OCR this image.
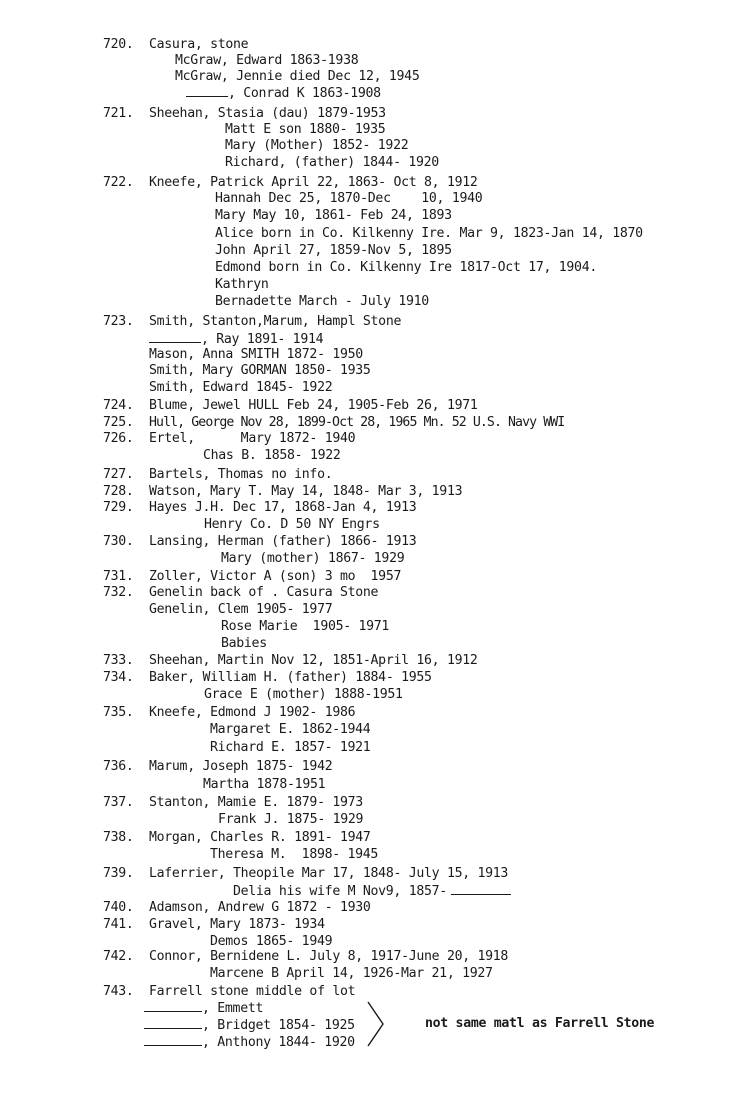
720. Casura, stone
McGraw, Edward 1863-1938
McGraw, Jennie died Dec 12, 1945
, Conrad K 1863-1908
721. Sheehan, Stasia (dau) 1879-1953
Matt E son 1880- 1935
Mary (Mother) 1852- 1922
Richard, (father) 1844- 1920
722. Kneefe, Patrick April 22, 1863- Oct 8, 1912
Hannah Dec 25, 1870-Dec    10, 1940
Mary May 10, 1861- Feb 24, 1893
Alice born in Co. Kilkenny Ire. Mar 9, 1823-Jan 14, 1870
John April 27, 1859-Nov 5, 1895
Edmond born in Co. Kilkenny Ire 1817-Oct 17, 1904.
Kathryn
Bernadette March - July 1910
723. Smith, Stanton,Marum, Hampl Stone
, Ray 1891- 1914
Mason, Anna SMITH 1872- 1950
Smith, Mary GORMAN 1850- 1935
Smith, Edward 1845- 1922
724. Blume, Jewel HULL Feb 24, 1905-Feb 26, 1971
725. Hull, George Nov 28, 1899-Oct 28, 1965 Mn. 52 U.S. Navy WWI
726. Ertel,      Mary 1872- 1940
Chas B. 1858- 1922
727. Bartels, Thomas no info.
728. Watson, Mary T. May 14, 1848- Mar 3, 1913
729. Hayes J.H. Dec 17, 1868-Jan 4, 1913
Henry Co. D 50 NY Engrs
730. Lansing, Herman (father) 1866- 1913
Mary (mother) 1867- 1929
731. Zoller, Victor A (son) 3 mo  1957
732. Genelin back of . Casura Stone
Genelin, Clem 1905- 1977
Rose Marie  1905- 1971
Babies
733. Sheehan, Martin Nov 12, 1851-April 16, 1912
734. Baker, William H. (father) 1884- 1955
Grace E (mother) 1888-1951
735. Kneefe, Edmond J 1902- 1986
Margaret E. 1862-1944
Richard E. 1857- 1921
736. Marum, Joseph 1875- 1942
Martha 1878-1951
737. Stanton, Mamie E. 1879- 1973
Frank J. 1875- 1929
738. Morgan, Charles R. 1891- 1947
Theresa M.  1898- 1945
739. Laferrier, Theopile Mar 17, 1848- July 15, 1913
Delia his wife M Nov9, 1857-
740. Adamson, Andrew G 1872 - 1930
741. Gravel, Mary 1873- 1934
Demos 1865- 1949
742. Connor, Bernidene L. July 8, 1917-June 20, 1918
Marcene B April 14, 1926-Mar 21, 1927
743. Farrell stone middle of lot
, Emmett
, Bridget 1854- 1925
, Anthony 1844- 1920
not same matl as Farrell Stone
